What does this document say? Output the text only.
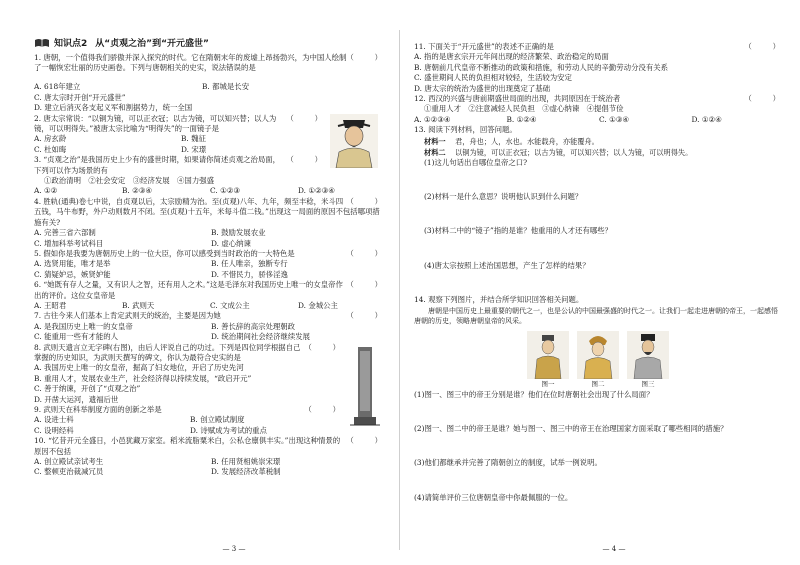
知识点2 从“贞观之治”到“开元盛世”
（　　）
1. 唐朝，一个值得我们骄傲并深入探究的时代。它在隋朝末年的废墟上昂扬勃兴，为中国人绘制了一幅恢宏壮丽的历史画卷。下列与唐朝相关的史实，说法错误的是
A. 618年建立	B. 都城是长安
C. 唐太宗时开创“开元盛世”
D. 建立后消灭各支起义军和割据势力，统一全国
（　　）
2. 唐太宗常说：“以铜为镜，可以正衣冠；以古为镜，可以知兴替；以人为镜，可以明得失。”被唐太宗比喻为“明得失”的一面镜子是
A. 房玄龄	B. 魏征
C. 杜如晦	D. 宋璟
（　　）
3. “贞观之治”是我国历史上少有的盛世时期，如果请你简述贞观之治局面，下列可以作为场景的有
①政治清明　②社会安定　③经济发展　④国力强盛
A. ①②	B. ②③④	C. ①②③	D. ①②③④
（　　）
4. 胜轨(通典)卷七中说，自贞观以后，太宗励精为治。至(贞观)八年、九年，频至丰稔，米斗四五钱，马牛布野，外户动则数月不闭。至(贞观)十五年，米每斗值二钱。”出现这一局面的原因不包括哪项措施有关?
A. 完善三省六部制	B. 鼓励发展农业
C. 增加科举考试科目	D. 虚心纳谏
（　　）
5. 假如你是我要为唐朝历史上的一位大臣，你可以感受到当时政治的一大特色是
A. 选贤用能，唯才是举	B. 任人唯亲，独断专行
C. 猜疑妒忌，嫉贤妒能	D. 不惜民力，骄侈淫逸
（　　）
6. “她既有存人之量，又有识人之智，还有用人之术。”这是毛泽东对我国历史上唯一的女皇帝作出的评价。这位女皇帝是
A. 王昭君	B. 武则天	C. 文成公主	D. 金城公主
（　　）
7. 古往今来人们基本上肯定武则天的统治，主要是因为她
A. 是我国历史上唯一的女皇帝	B. 善长辞的高宗处理朝政
C. 能重用一些有才能的人	D. 统治期间社会经济继续发展
（　　）
8. 武则天遗言立无字碑(右图)，由后人评说自己的功过。下列是四位同学根据自己掌握的历史知识，为武则天撰写的碑文，你认为最符合史实的是
A. 我国历史上唯一的女皇帝，掘高了妇女地位，开启了历史先河
B. 重用人才，发展农业生产，社会经济得以持续发展，“政启开元”
C. 善于纳谏，开创了“贞观之治”
D. 开凿大运河，遗福后世
（　　）
9. 武则天在科举制度方面的创新之举是
A. 设进士科	B. 创立殿试制度
C. 设明经科	D. 诗赋成为考试的重点
（　　）
10. “忆昔开元全盛日，小邑犹藏万家室。稻米流脂粟米白，公私仓廪俱丰实。”出现这种情景的原因不包括
A. 创立殿试亲试考生	B. 任用贤相姚崇宋璟
C. 整顿吏治裁减冗员	D. 发展经济改革税制
— 3 —
（　　）
11. 下面关于“开元盛世”的表述不正确的是
A. 指的是唐玄宗开元年间出现的经济繁荣、政治稳定的局面
B. 唐朝前几代皇帝不断推动的政策和措施，和劳动人民的辛勤劳动分没有关系
C. 盛世期间人民的负担相对较轻，生活较为安定
D. 唐太宗的统治为盛世的出现奠定了基础
（　　）
12. 西汉的兴盛与唐前期盛世局面的出现，共同原因在于统治者
①重用人才　②注意减轻人民负担　③虚心纳谏　④提倡节俭
A. ①②③④	B. ①②④	C. ①③④	D. ①②④
13. 阅读下列材料，回答问题。
材料一　 君，舟也；人，水也。水能载舟，亦能覆舟。
材料二　 以铜为镜，可以正衣冠；以古为镜，可以知兴替；以人为镜，可以明得失。
(1)这儿句话出自哪位皇帝之口?
(2)材料一是什么意思？说明他认识到什么问题？
(3)材料二中的“镜子”指的是谁？他重用的人才还有哪些？
(4)唐太宗按照上述治国思想，产生了怎样的结果？
14. 观察下列图片，并结合所学知识回答相关问题。
唐朝是中国历史上最重要的朝代之一，也是公认的中国最强盛的时代之一。让我们一起走进唐朝的帝王，一起感悟唐朝的历史，领略唐朝皇帝的风采。
图一	图二	图三
(1)图一、图三中的帝王分别是谁？他们在位时唐朝社会出现了什么局面？
(2)图一、图二中的帝王是谁？她与图一、图三中的帝王在治理国家方面采取了哪些相同的措施？
(3)他们都继承并完善了隋朝创立的制度，试举一例说明。
(4)请简单评价三位唐朝皇帝中你最佩服的一位。
— 4 —
